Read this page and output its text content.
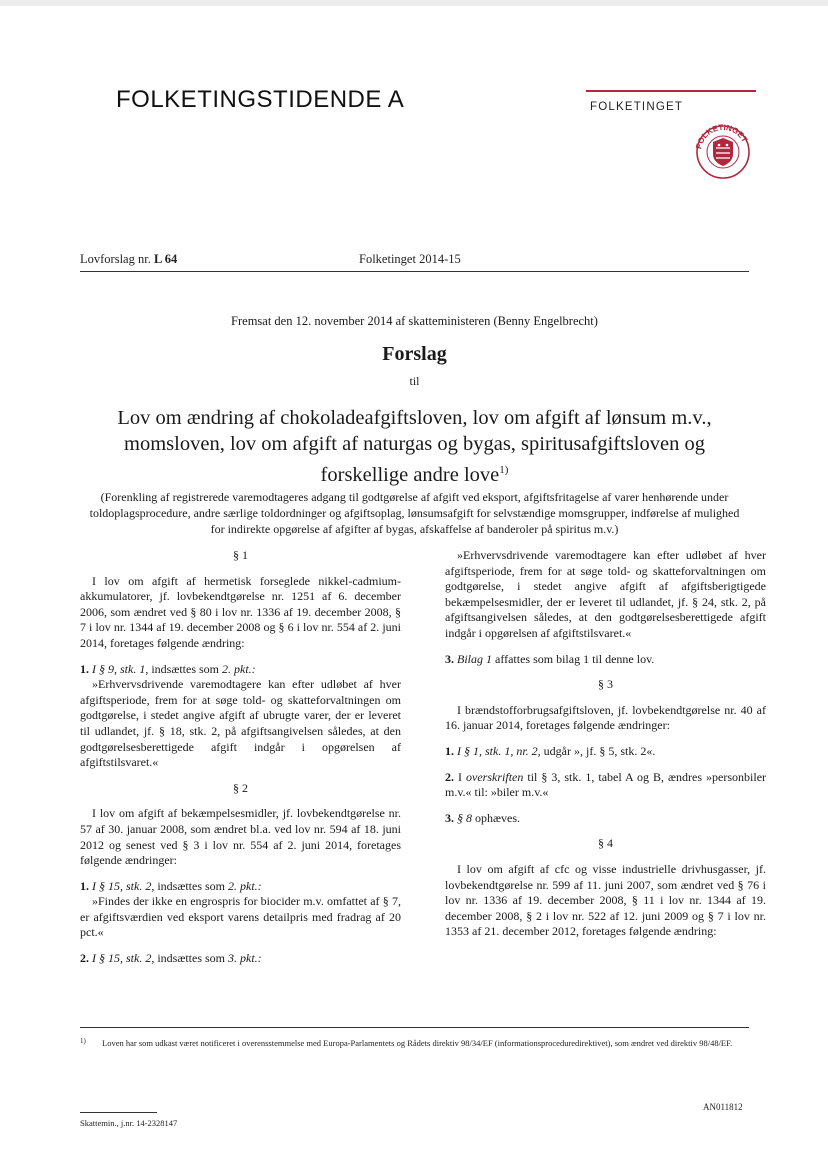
FOLKETINGSTIDENDE A	FOLKETINGET
FOLKETINGET
Lovforslag nr. L 64	Folketinget 2014-15
Fremsat den 12. november 2014 af skatteministeren (Benny Engelbrecht)
Forslag
til
Lov om ændring af chokoladeafgiftsloven, lov om afgift af lønsum m.v., momsloven, lov om afgift af naturgas og bygas, spiritusafgiftsloven og forskellige andre love$^{1)}$
(Forenkling af registrerede varemodtageres adgang til godtgørelse af afgift ved eksport, afgiftsfritagelse af varer henhørende under toldoplagsprocedure, andre særlige toldordninger og afgiftsoplag, lønsumsafgift for selvstændige momsgrupper, indførelse af mulighed for indirekte opgørelse af afgifter af bygas, afskaffelse af banderoler på spiritus m.v.)

§ 1

I lov om afgift af hermetisk forseglede nikkel-cadmium-akkumulatorer, jf. lovbekendtgørelse nr. 1251 af 6. december 2006, som ændret ved § 80 i lov nr. 1336 af 19. december 2008, § 7 i lov nr. 1344 af 19. december 2008 og § 6 i lov nr. 554 af 2. juni 2014, foretages følgende ændring:

1. I § 9, stk. 1, indsættes som 2. pkt.:

»Erhvervsdrivende varemodtagere kan efter udløbet af hver afgiftsperiode, frem for at søge told- og skatteforvaltningen om godtgørelse, i stedet angive afgift af ubrugte varer, der er leveret til udlandet, jf. § 18, stk. 2, på afgiftsangivelsen således, at den godtgørelsesberettigede afgift indgår i opgørelsen af afgiftstilsvaret.«

§ 2

I lov om afgift af bekæmpelsesmidler, jf. lovbekendtgørelse nr. 57 af 30. januar 2008, som ændret bl.a. ved lov nr. 594 af 18. juni 2012 og senest ved § 3 i lov nr. 554 af 2. juni 2014, foretages følgende ændringer:

1. I § 15, stk. 2, indsættes som 2. pkt.:

»Findes der ikke en engrospris for biocider m.v. omfattet af § 7, er afgiftsværdien ved eksport varens detailpris med fradrag af 20 pct.«

2. I § 15, stk. 2, indsættes som 3. pkt.:

»Erhvervsdrivende varemodtagere kan efter udløbet af hver afgiftsperiode, frem for at søge told- og skatteforvaltningen om godtgørelse, i stedet angive afgift af afgiftsberigtigede bekæmpelsesmidler, der er leveret til udlandet, jf. § 24, stk. 2, på afgiftsangivelsen således, at den godtgørelsesberettigede afgift indgår i opgørelsen af afgiftstilsvaret.«

3. Bilag 1 affattes som bilag 1 til denne lov.

§ 3

I brændstofforbrugsafgiftsloven, jf. lovbekendtgørelse nr. 40 af 16. januar 2014, foretages følgende ændringer:

1. I § 1, stk. 1, nr. 2, udgår », jf. § 5, stk. 2«.

2. I overskriften til § 3, stk. 1, tabel A og B, ændres »personbiler m.v.« til: »biler m.v.«

3. § 8 ophæves.

§ 4

I lov om afgift af cfc og visse industrielle drivhusgasser, jf. lovbekendtgørelse nr. 599 af 11. juni 2007, som ændret ved § 76 i lov nr. 1336 af 19. december 2008, § 11 i lov nr. 1344 af 19. december 2008, § 2 i lov nr. 522 af 12. juni 2009 og § 7 i lov nr. 1353 af 21. december 2012, foretages følgende ændring:

1) Loven har som udkast været notificeret i overensstemmelse med Europa-Parlamentets og Rådets direktiv 98/34/EF (informationsproceduredirektivet), som ændret ved direktiv 98/48/EF.
AN011812
Skattemin., j.nr. 14-2328147
